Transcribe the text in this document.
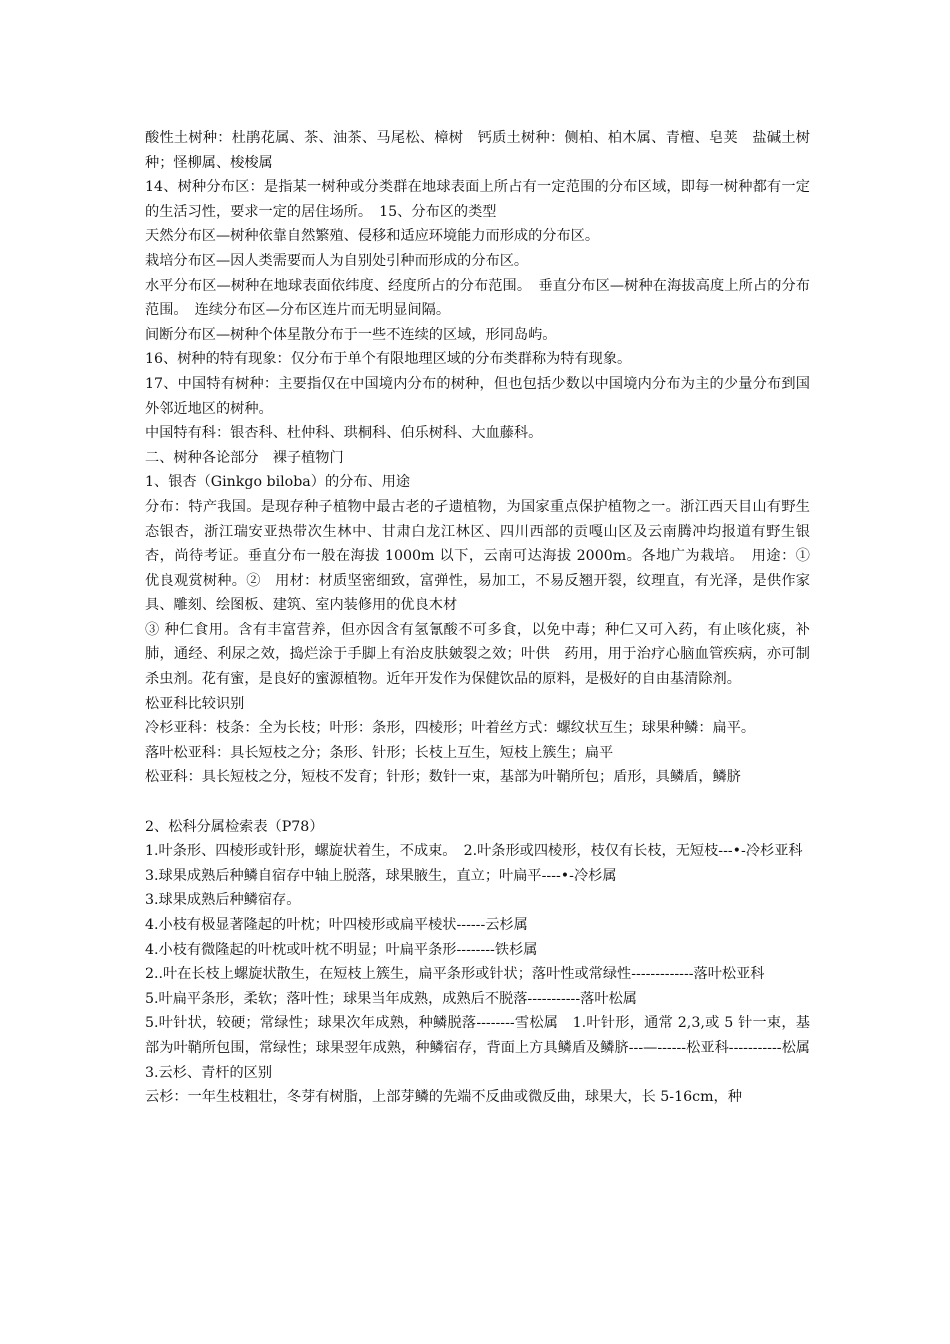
酸性土树种：杜鹃花属、茶、油茶、马尾松、樟树　钙质土树种：侧柏、柏木属、青檀、皂荚　盐碱土树种；怪柳属、梭梭属
14、树种分布区：是指某一树种或分类群在地球表面上所占有一定范围的分布区域，即每一树种都有一定的生活习性，要求一定的居住场所。　15、分布区的类型
天然分布区—树种依靠自然繁殖、侵移和适应环境能力而形成的分布区。
栽培分布区—因人类需要而人为自别处引种而形成的分布区。
水平分布区—树种在地球表面依纬度、经度所占的分布范围。　垂直分布区—树种在海拔高度上所占的分布范围。　连续分布区—分布区连片而无明显间隔。
间断分布区—树种个体星散分布于一些不连续的区域，形同岛屿。
16、树种的特有现象：仅分布于单个有限地理区域的分布类群称为特有现象。
17、中国特有树种：主要指仅在中国境内分布的树种，但也包括少数以中国境内分布为主的少量分布到国外邻近地区的树种。
中国特有科：银杏科、杜仲科、珙桐科、伯乐树科、大血藤科。
二、树种各论部分　裸子植物门
1、银杏（Ginkgo biloba）的分布、用途
分布：特产我国。是现存种子植物中最古老的孑遗植物，为国家重点保护植物之一。浙江西天目山有野生态银杏，浙江瑞安亚热带次生林中、甘肃白龙江林区、四川西部的贡嘎山区及云南腾冲均报道有野生银杏，尚待考证。垂直分布一般在海拔 1000m 以下，云南可达海拔 2000m。各地广为栽培。　用途：①　优良观赏树种。②　用材：材质坚密细致，富弹性，易加工，不易反翘开裂，纹理直，有光泽，是供作家具、雕刻、绘图板、建筑、室内装修用的优良木材
③ 种仁食用。含有丰富营养，但亦因含有氢氰酸不可多食，以免中毒；种仁又可入药，有止咳化痰，补肺，通经、利尿之效，捣烂涂于手脚上有治皮肤皴裂之效；叶供　药用，用于治疗心脑血管疾病，亦可制杀虫剂。花有蜜，是良好的蜜源植物。近年开发作为保健饮品的原料，是极好的自由基清除剂。
松亚科比较识别
冷杉亚科：枝条：全为长枝；叶形：条形，四棱形；叶着丝方式：螺纹状互生；球果种鳞：扁平。
落叶松亚科：具长短枝之分；条形、针形；长枝上互生，短枝上簇生；扁平
松亚科：具长短枝之分，短枝不发育；针形；数针一束，基部为叶鞘所包；盾形，具鳞盾，鳞脐
2、松科分属检索表（P78）
1.叶条形、四棱形或针形，螺旋状着生，不成束。　2.叶条形或四棱形，枝仅有长枝，无短枝---•-冷杉亚科
3.球果成熟后种鳞自宿存中轴上脱落，球果腋生，直立；叶扁平----•-冷杉属
3.球果成熟后种鳞宿存。
4.小枝有极显著隆起的叶枕；叶四棱形或扁平棱状------云杉属
4.小枝有微隆起的叶枕或叶枕不明显；叶扁平条形--------铁杉属
2..叶在长枝上螺旋状散生，在短枝上簇生，扁平条形或针状；落叶性或常绿性-------------落叶松亚科
5.叶扁平条形，柔软；落叶性；球果当年成熟，成熟后不脱落-----------落叶松属
5.叶针状，较硬；常绿性；球果次年成熟，种鳞脱落--------雪松属　1.叶针形，通常 2,3,或 5 针一束，基部为叶鞘所包围，常绿性；球果翌年成熟，种鳞宿存，背面上方具鳞盾及鳞脐---—------松亚科-----------松属　3.云杉、青杆的区别
云杉：一年生枝粗壮，冬芽有树脂，上部芽鳞的先端不反曲或微反曲，球果大，长 5-16cm，种
